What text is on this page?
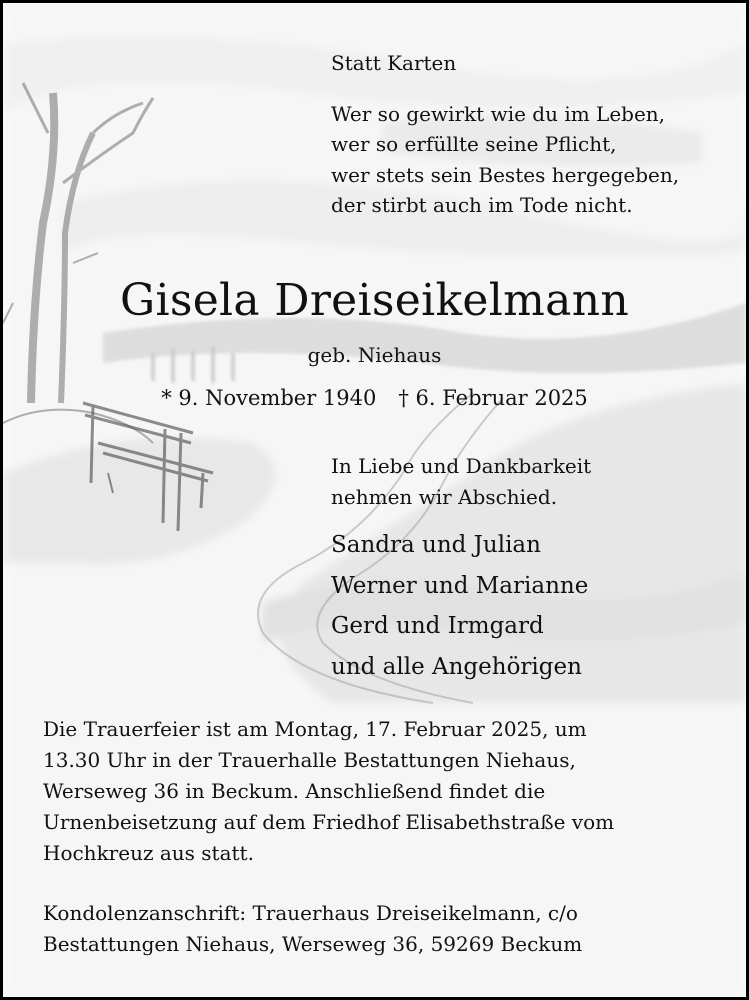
Statt Karten
Wer so gewirkt wie du im Leben,
wer so erfüllte seine Pflicht,
wer stets sein Bestes hergegeben,
der stirbt auch im Tode nicht.
Gisela Dreiseikelmann
geb. Niehaus
* 9. November 1940 † 6. Februar 2025
In Liebe und Dankbarkeit
nehmen wir Abschied.
Sandra und Julian
Werner und Marianne
Gerd und Irmgard
und alle Angehörigen
Die Trauerfeier ist am Montag, 17. Februar 2025, um
13.30 Uhr in der Trauerhalle Bestattungen Niehaus,
Werseweg 36 in Beckum. Anschließend findet die
Urnenbeisetzung auf dem Friedhof Elisabethstraße vom
Hochkreuz aus statt.
Kondolenzanschrift: Trauerhaus Dreiseikelmann, c/o
Bestattungen Niehaus, Werseweg 36, 59269 Beckum
